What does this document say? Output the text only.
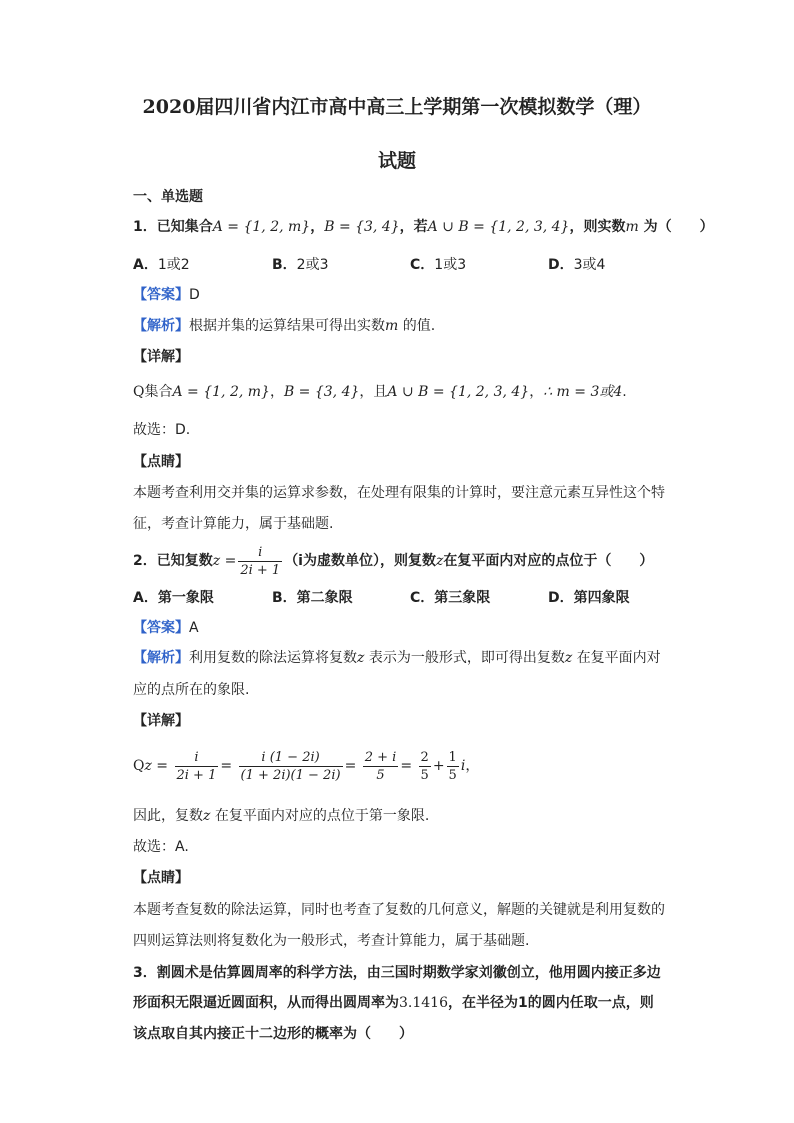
2020届四川省内江市高中高三上学期第一次模拟数学（理）
试题
一、单选题
1．已知集合A = {1, 2, m}，B = {3, 4}，若A ∪ B = {1, 2, 3, 4}，则实数m 为（　　）
A．1或2	B．2或3	C．1或3	D．3或4
【答案】D
【解析】根据并集的运算结果可得出实数m 的值.
【详解】
Q集合A = {1, 2, m}，B = {3, 4}，且A ∪ B = {1, 2, 3, 4}，∴ m = 3或4.
故选：D.
【点睛】
本题考查利用交并集的运算求参数，在处理有限集的计算时，要注意元素互异性这个特
征，考查计算能力，属于基础题.
2．已知复数$z = \frac{i}{2i + 1} (i$为虚数单位），则复数z在复平面内对应的点位于（　　）
A．第一象限	B．第二象限	C．第三象限	D．第四象限
【答案】A
【解析】利用复数的除法运算将复数z 表示为一般形式，即可得出复数z 在复平面内对
应的点所在的象限.
【详解】
$Qz = \frac{i}{2i + 1} = \frac{i (1 - 2i)}{(1 + 2i)(1 - 2i)} = \frac{2 + i}{5} = \frac{2}{5} + \frac{1}{5}$ i，
因此，复数z 在复平面内对应的点位于第一象限.
故选：A.
【点睛】
本题考查复数的除法运算，同时也考查了复数的几何意义，解题的关键就是利用复数的
四则运算法则将复数化为一般形式，考查计算能力，属于基础题.
3．割圆术是估算圆周率的科学方法，由三国时期数学家刘徽创立，他用圆内接正多边
形面积无限逼近圆面积，从而得出圆周率为3.1416，在半径为1的圆内任取一点，则
该点取自其内接正十二边形的概率为（　　）
